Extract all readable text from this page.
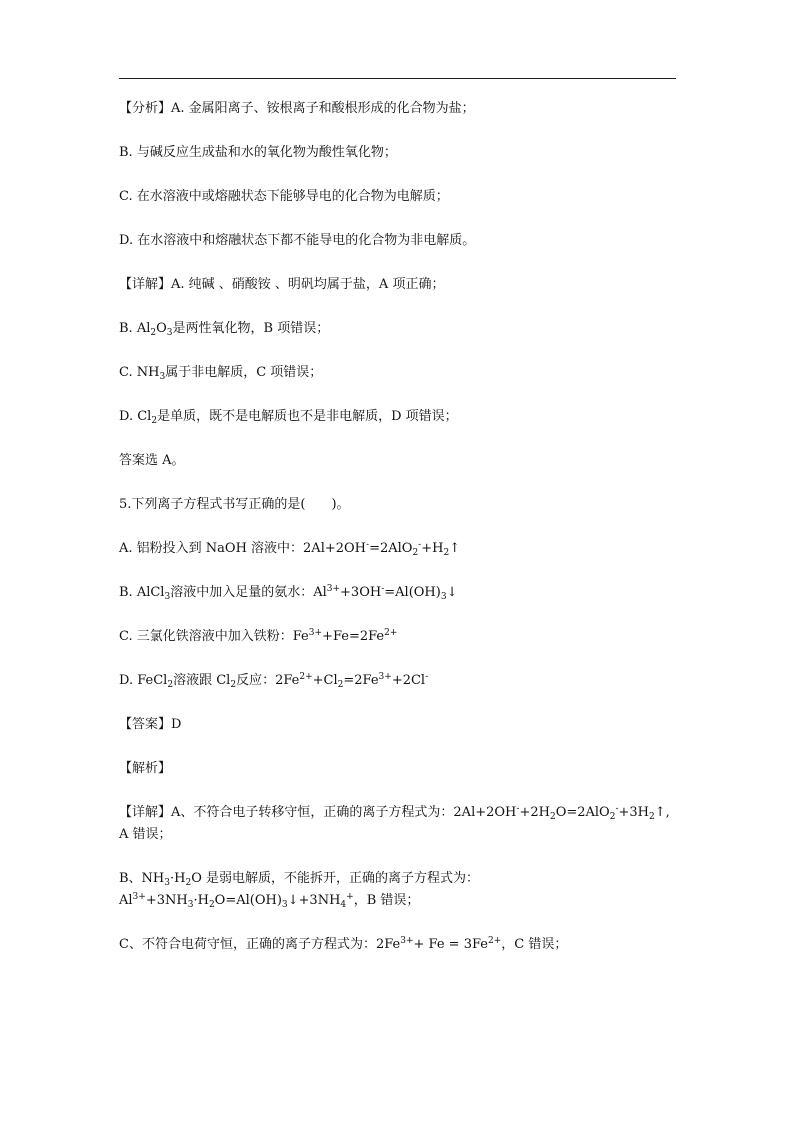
【分析】A. 金属阳离子、铵根离子和酸根形成的化合物为盐；

B. 与碱反应生成盐和水的氧化物为酸性氧化物；

C. 在水溶液中或熔融状态下能够导电的化合物为电解质；

D. 在水溶液中和熔融状态下都不能导电的化合物为非电解质。

【详解】A. 纯碱 、硝酸铵 、明矾均属于盐，A 项正确；

B. $Al_2O_3$是两性氧化物，B 项错误；

C. $NH_3$属于非电解质，C 项错误；

D. $Cl_2$是单质，既不是电解质也不是非电解质，D 项错误；

答案选 A。

5.下列离子方程式书写正确的是(　　)。

A. 铝粉投入到 NaOH 溶液中：$2Al+2OH^-=2AlO_2^-+H_2↑$

B. AlCl$_3$溶液中加入足量的氨水：$Al^{3+}+3OH^-=Al(OH)_3↓$

C. 三氯化铁溶液中加入铁粉：$Fe^{3+}+Fe=2Fe^{2+}$

D. FeCl$_2$溶液跟 $Cl_2$反应：$2Fe^{2+}+Cl_2=2Fe^{3+}+2Cl^-$

【答案】D

【解析】

【详解】A、不符合电子转移守恒，正确的离子方程式为：$2Al+2OH^-+2H_2O=2AlO_2^-+3H_2↑$,

A 错误；

B、$NH_3\cdot H_2O$ 是弱电解质，不能拆开，正确的离子方程式为：

$Al^{3+}+3NH_3\cdot H_2O=Al(OH)_3↓+3NH_4^+$，B 错误；

C、不符合电荷守恒，正确的离子方程式为：$2Fe^{3+}+ Fe = 3Fe^{2+}$，C 错误；
